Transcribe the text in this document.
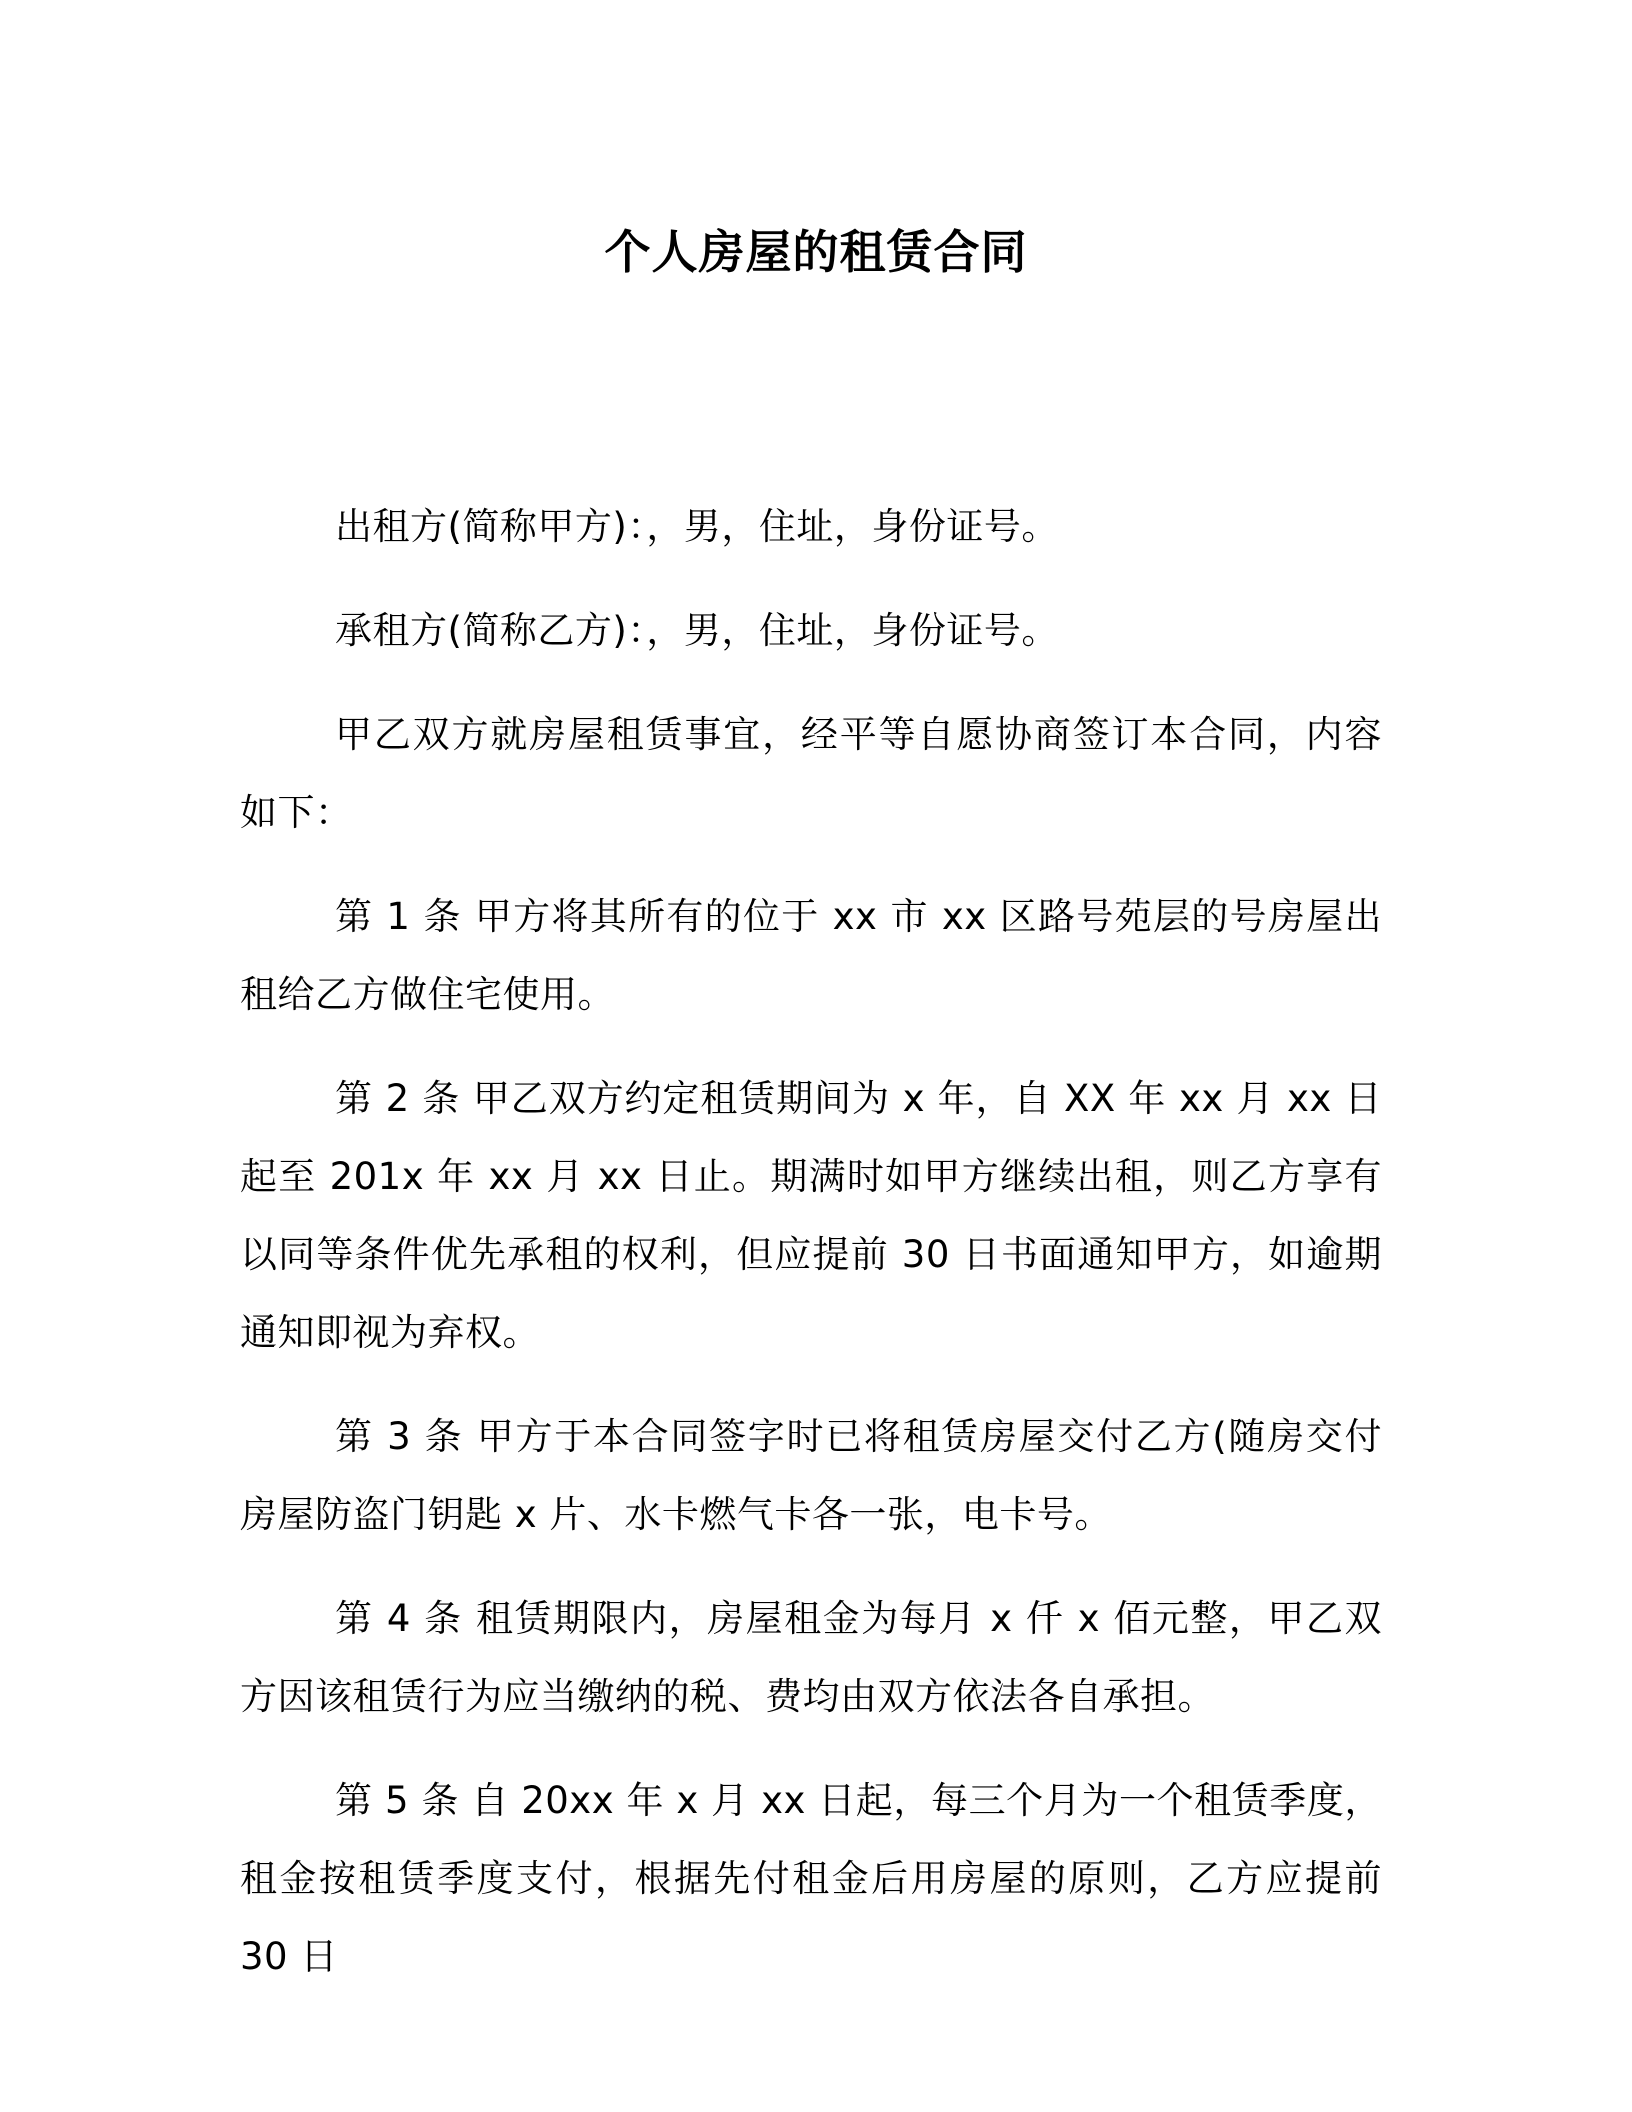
个人房屋的租赁合同

出租方(简称甲方)：，男，住址，身份证号。

承租方(简称乙方)：，男，住址，身份证号。

甲乙双方就房屋租赁事宜，经平等自愿协商签订本合同，内容如下：

第 1 条 甲方将其所有的位于 xx 市 xx 区路号苑层的号房屋出租给乙方做住宅使用。

第 2 条 甲乙双方约定租赁期间为 x 年，自 XX 年 xx 月 xx 日起至 201x 年 xx 月 xx 日止。期满时如甲方继续出租，则乙方享有以同等条件优先承租的权利，但应提前 30 日书面通知甲方，如逾期通知即视为弃权。

第 3 条 甲方于本合同签字时已将租赁房屋交付乙方(随房交付房屋防盗门钥匙 x 片、水卡燃气卡各一张，电卡号。

第 4 条 租赁期限内，房屋租金为每月 x 仟 x 佰元整，甲乙双方因该租赁行为应当缴纳的税、费均由双方依法各自承担。

第 5 条 自 20xx 年 x 月 xx 日起，每三个月为一个租赁季度，租金按租赁季度支付，根据先付租金后用房屋的原则，乙方应提前 30 日
